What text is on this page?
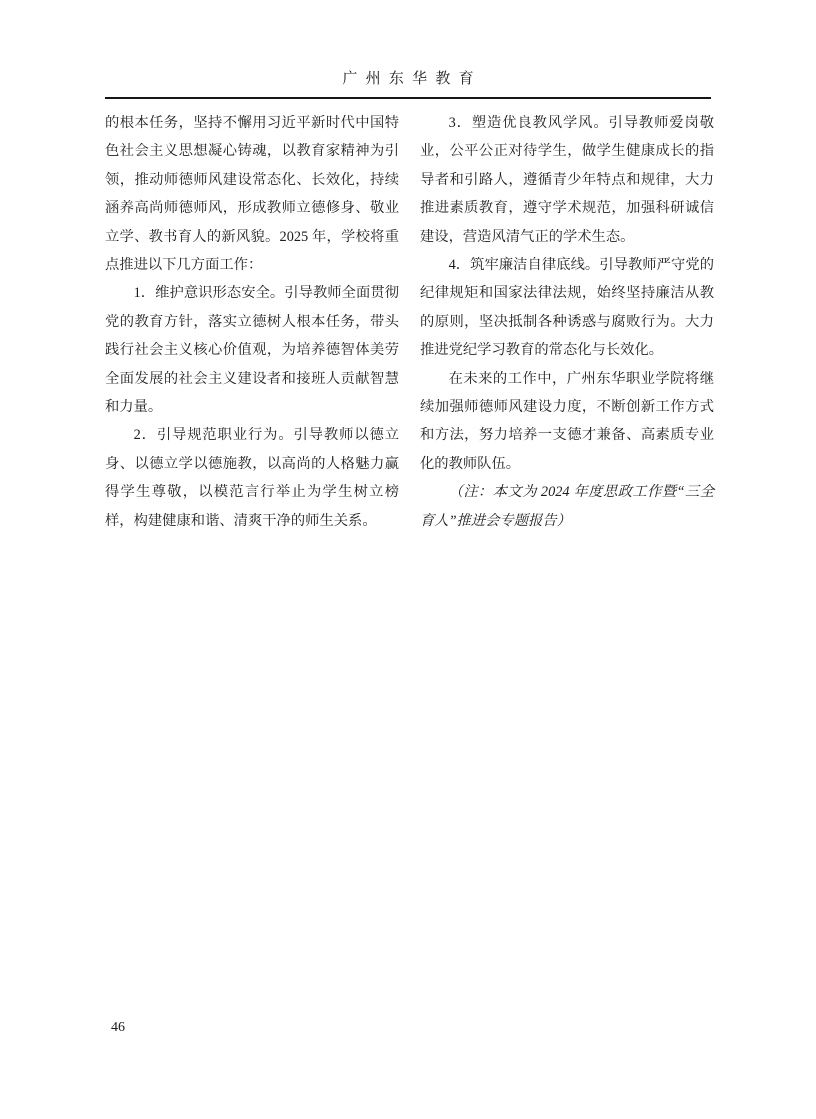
广州东华教育

的根本任务，坚持不懈用习近平新时代中国特色社会主义思想凝心铸魂，以教育家精神为引领，推动师德师风建设常态化、长效化，持续涵养高尚师德师风，形成教师立德修身、敬业立学、教书育人的新风貌。2025 年，学校将重点推进以下几方面工作：

1．维护意识形态安全。引导教师全面贯彻党的教育方针，落实立德树人根本任务，带头践行社会主义核心价值观，为培养德智体美劳全面发展的社会主义建设者和接班人贡献智慧和力量。

2．引导规范职业行为。引导教师以德立身、以德立学以德施教，以高尚的人格魅力赢得学生尊敬，以模范言行举止为学生树立榜样，构建健康和谐、清爽干净的师生关系。

3．塑造优良教风学风。引导教师爱岗敬业，公平公正对待学生，做学生健康成长的指导者和引路人，遵循青少年特点和规律，大力推进素质教育，遵守学术规范，加强科研诚信建设，营造风清气正的学术生态。

4．筑牢廉洁自律底线。引导教师严守党的纪律规矩和国家法律法规，始终坚持廉洁从教的原则，坚决抵制各种诱惑与腐败行为。大力推进党纪学习教育的常态化与长效化。

在未来的工作中，广州东华职业学院将继续加强师德师风建设力度，不断创新工作方式和方法，努力培养一支德才兼备、高素质专业化的教师队伍。

（注：本文为 2024 年度思政工作暨“三全育人”推进会专题报告）

46
